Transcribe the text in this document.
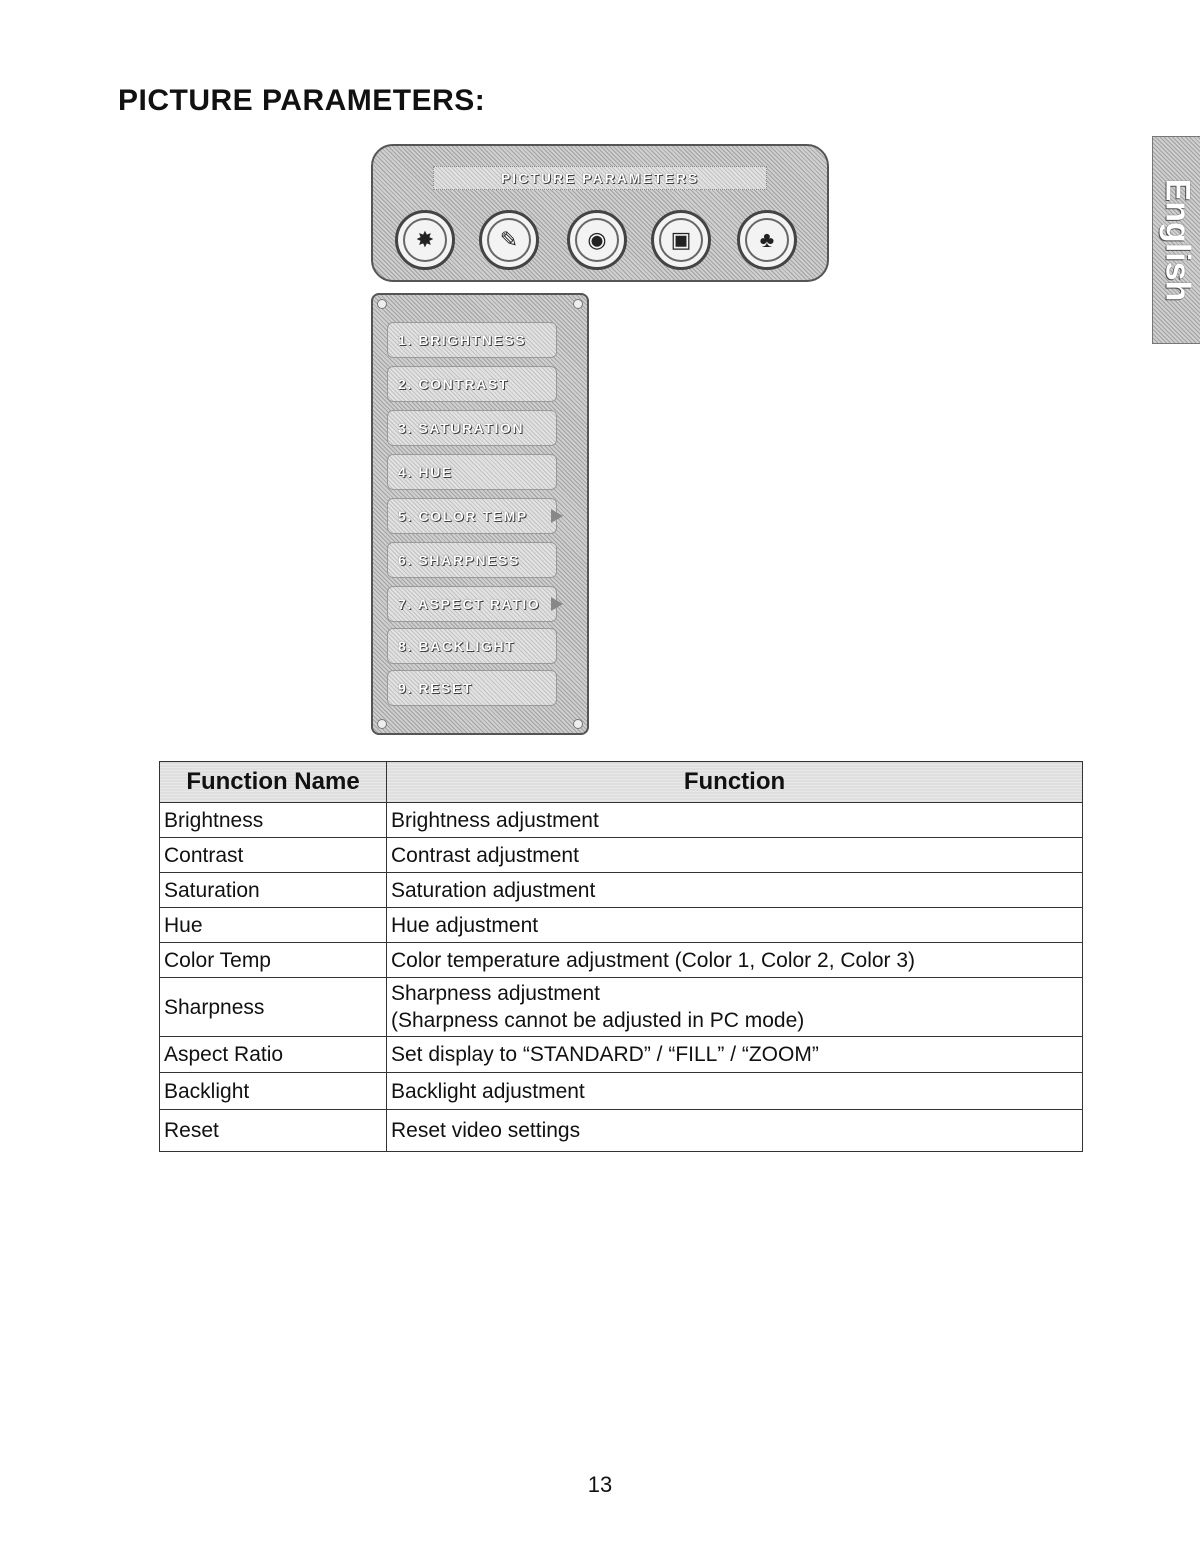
PICTURE PARAMETERS:
English
PICTURE PARAMETERS
✸	✎	◉	▣	♣
1. BRIGHTNESS
2. CONTRAST
3. SATURATION
4. HUE
5. COLOR TEMP
6. SHARPNESS
7. ASPECT RATIO
8. BACKLIGHT
9. RESET
Function Name	Function
Brightness	Brightness adjustment
Contrast	Contrast adjustment
Saturation	Saturation adjustment
Hue	Hue adjustment
Color Temp	Color temperature adjustment (Color 1, Color 2, Color 3)
Sharpness	Sharpness adjustment
(Sharpness cannot be adjusted in PC mode)
Aspect Ratio	Set display to “STANDARD” / “FILL” / “ZOOM”
Backlight	Backlight adjustment
Reset	Reset video settings

13
